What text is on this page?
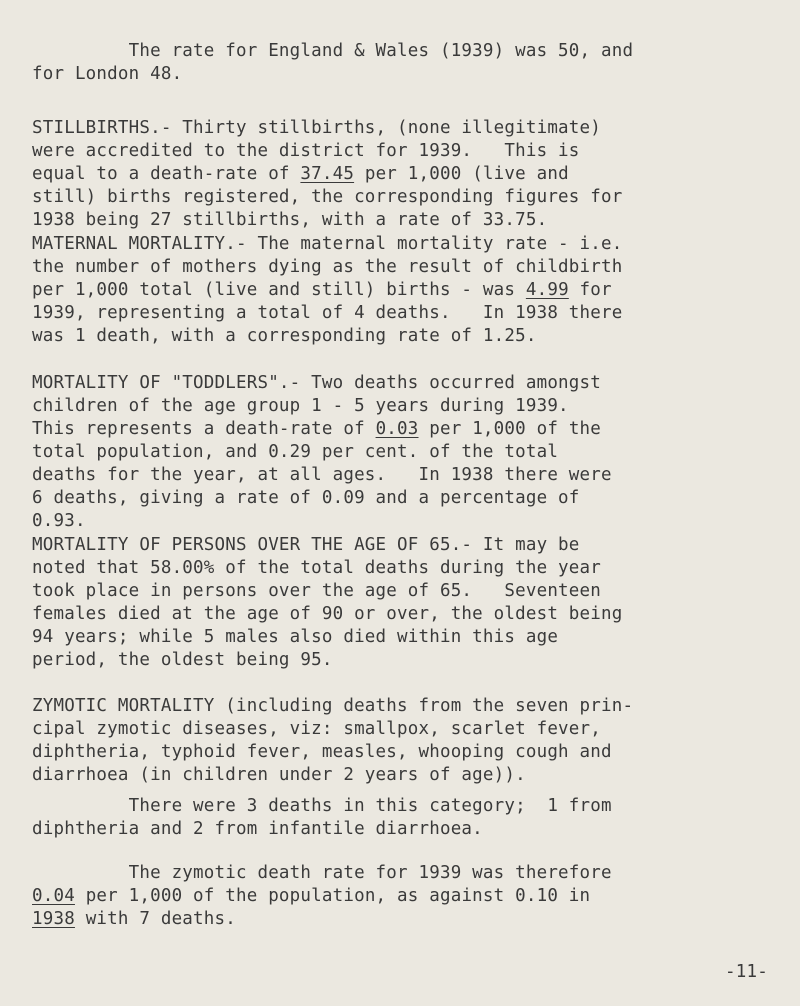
The rate for England & Wales (1939) was 50, and
for London 48.
STILLBIRTHS.- Thirty stillbirths, (none illegitimate)
were accredited to the district for 1939.   This is
equal to a death-rate of 37.45 per 1,000 (live and
still) births registered, the corresponding figures for
1938 being 27 stillbirths, with a rate of 33.75.
MATERNAL MORTALITY.- The maternal mortality rate - i.e.
the number of mothers dying as the result of childbirth
per 1,000 total (live and still) births - was 4.99 for
1939, representing a total of 4 deaths.   In 1938 there
was 1 death, with a corresponding rate of 1.25.
MORTALITY OF "TODDLERS".- Two deaths occurred amongst
children of the age group 1 - 5 years during 1939.
This represents a death-rate of 0.03 per 1,000 of the
total population, and 0.29 per cent. of the total
deaths for the year, at all ages.   In 1938 there were
6 deaths, giving a rate of 0.09 and a percentage of
0.93.
MORTALITY OF PERSONS OVER THE AGE OF 65.- It may be
noted that 58.00% of the total deaths during the year
took place in persons over the age of 65.   Seventeen
females died at the age of 90 or over, the oldest being
94 years; while 5 males also died within this age
period, the oldest being 95.
ZYMOTIC MORTALITY (including deaths from the seven prin-
cipal zymotic diseases, viz: smallpox, scarlet fever,
diphtheria, typhoid fever, measles, whooping cough and
diarrhoea (in children under 2 years of age)).
There were 3 deaths in this category;  1 from
diphtheria and 2 from infantile diarrhoea.
The zymotic death rate for 1939 was therefore
0.04 per 1,000 of the population, as against 0.10 in
1938 with 7 deaths.
-11-
